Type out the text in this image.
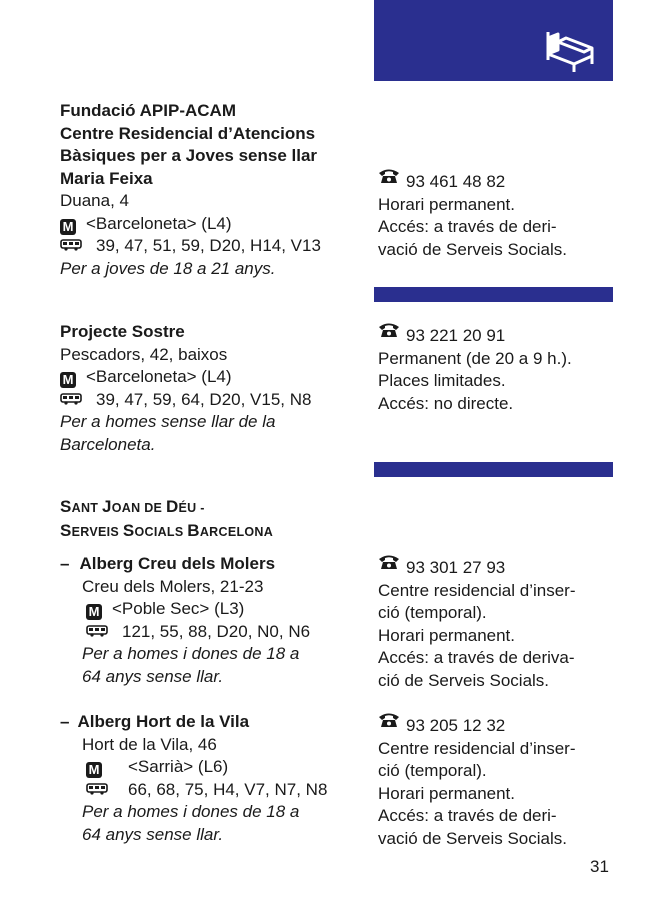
Fundació APIP-ACAM
Centre Residencial d’Atencions
Bàsiques per a Joves sense llar
Maria Feixa
Duana, 4
M <Barceloneta> (L4)
39, 47, 51, 59, D20, H14, V13
Per a joves de 18 a 21 anys.
93 461 48 82
Horari permanent.
Accés: a través de deri-
vació de Serveis Socials.
Projecte Sostre
Pescadors, 42, baixos
M <Barceloneta> (L4)
39, 47, 59, 64, D20, V15, N8
Per a homes sense llar de la
Barceloneta.
93 221 20 91
Permanent (de 20 a 9 h.).
Places limitades.
Accés: no directe.
SANT JOAN DE DÉU -
SERVEIS SOCIALS BARCELONA
– Alberg Creu dels Molers
Creu dels Molers, 21-23
M <Poble Sec> (L3)
121, 55, 88, D20, N0, N6
Per a homes i dones de 18 a
64 anys sense llar.
93 301 27 93
Centre residencial d’inser-
ció (temporal).
Horari permanent.
Accés: a través de deriva-
ció de Serveis Socials.
– Alberg Hort de la Vila
Hort de la Vila, 46
M <Sarrià> (L6)
66, 68, 75, H4, V7, N7, N8
Per a homes i dones de 18 a
64 anys sense llar.
93 205 12 32
Centre residencial d’inser-
ció (temporal).
Horari permanent.
Accés: a través de deri-
vació de Serveis Socials.
31
